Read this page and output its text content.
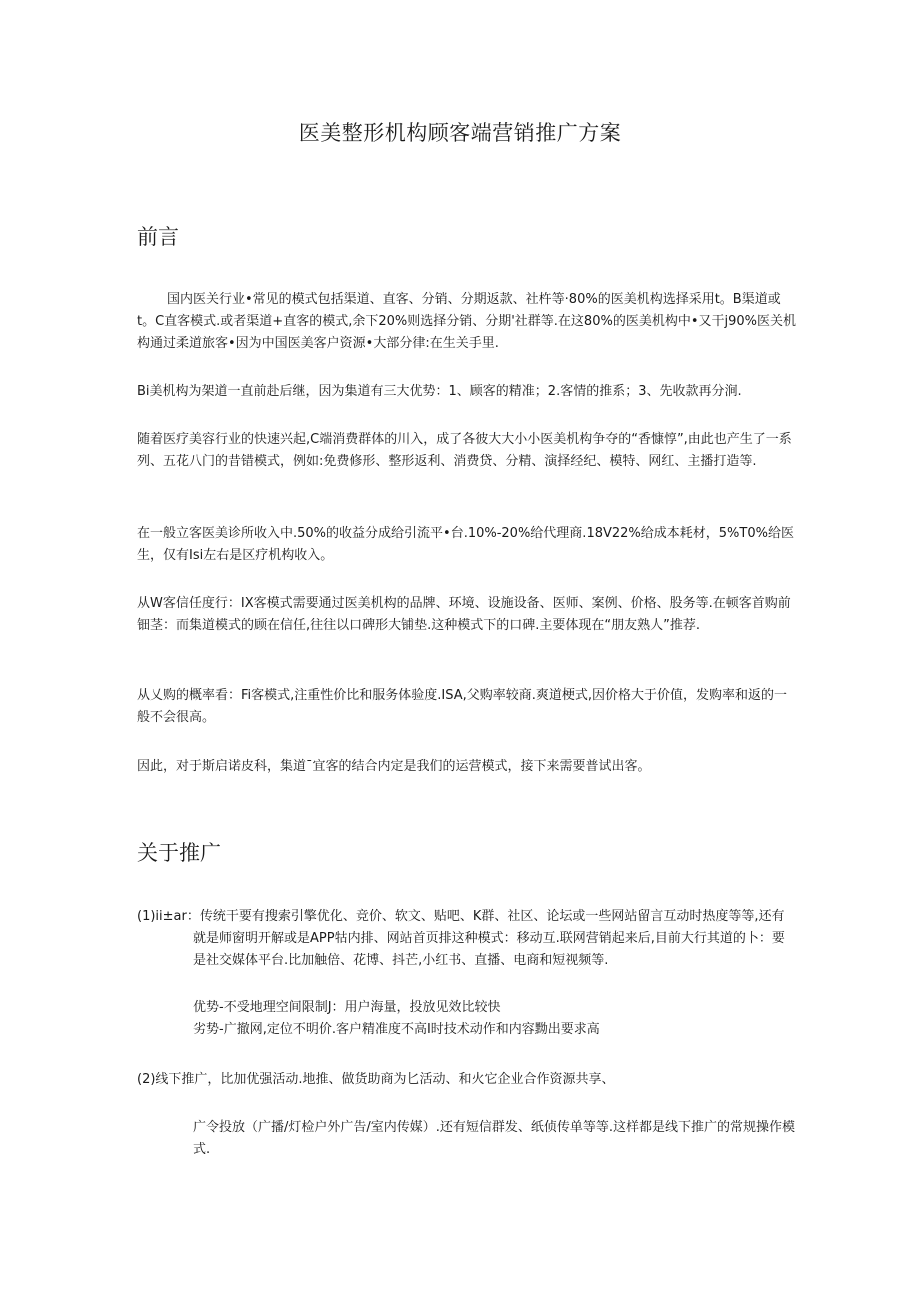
医美整形机构顾客端营销推广方案
前言

国内医关行业•常见的模式包括渠道、直客、分销、分期返款、社杵等·80%的医美机构选择采用t。B渠道或t。C直客模式.或者渠道+直客的模式,余下20%则选择分销、分期'社群等.在这80%的医美机构中•又干j90%医关机构通过柔道旅客•因为中国医美客户资源•大部分律:在生关手里.

Bi美机构为架道一直前赴后继，因为集道有三大优势：1、顾客的精准；2.客情的推系；3、先收款再分涧.

随着医疗美容行业的快速兴起,C端消费群体的川入，成了各彼大大小小医美机构争夺的“香慷惇”,由此也产生了一系列、五花八门的昔错模式，例如:免费修形、整形返利、消费贷、分精、演择经纪、模特、网红、主播打造等.

在一般立客医美诊所收入中.50%的收益分成给引流平•台.10%-20%给代理商.18V22%给成本耗材，5%T0%给医生，仅有Isi左右是区疗机构收入。

从W客信任度行：IX客模式需要通过医美机构的品牌、环境、设施设备、医师、案例、价格、股务等.在顿客首购前钿茎：而集道模式的顾在信任,往往以口碑形大铺垫.这种模式下的口碑.主要体现在“朋友熟人”推荐.

从乂购的概率看：Fi客模式,注重性价比和服务体验度.ISA,父购率较商.爽道梗式,因价格大于价值，发购率和返的一般不会很高。

因此，对于斯启诺皮科，集道¯宜客的结合内定是我们的运营模式，接下来需要普试出客。

关于推广

(1)ii±ar：传统干要有搜索引擎优化、竞价、软文、贴吧、K群、社区、论坛或一些网站留言互动时热度等等,还有就是师窗明开解或是APP牯内排、网站首页排这种模式：移动互.联网营销起来后,目前大行其道的卜：要是社交媒体平台.比加触倍、花博、抖芒,小红书、直播、电商和短视频等.

优势-不受地理空间限制J：用户海量，投放见效比较快
劣势-广撤网,定位不明价.客户精准度不高I时技术动作和内容黝出要求高

(2)线下推广，比加优强活动.地推、做货助商为匕活动、和火它企业合作资源共享、

广令投放（广播/灯检户外广告/室内传媒）.还有短信群发、纸侦传单等等.这样都是线下推广的常规操作模式.
